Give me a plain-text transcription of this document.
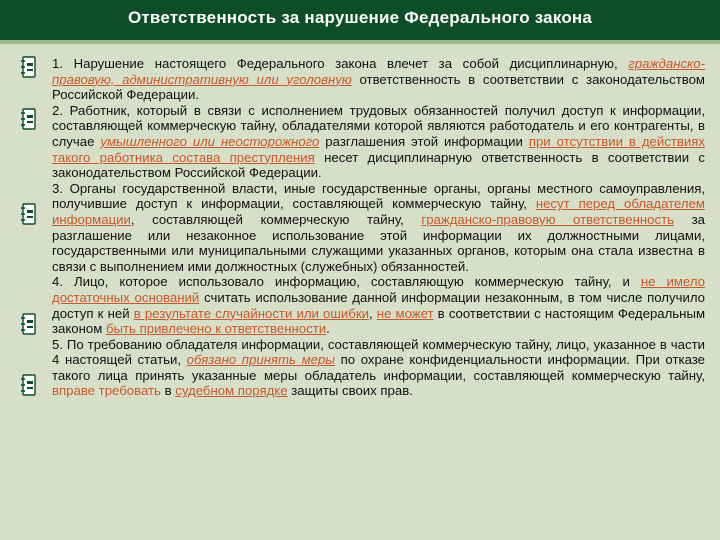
Ответственность за нарушение Федерального закона

1. Нарушение настоящего Федерального закона влечет за собой дисциплинарную, гражданско-правовую, административную или уголовную ответственность в соответствии с законодательством Российской Федерации.

2. Работник, который в связи с исполнением трудовых обязанностей получил доступ к информации, составляющей коммерческую тайну, обладателями которой являются работодатель и его контрагенты, в случае умышленного или неосторожного разглашения этой информации при отсутствии в действиях такого работника состава преступления несет дисциплинарную ответственность в соответствии с законодательством Российской Федерации.

3. Органы государственной власти, иные государственные органы, органы местного самоуправления, получившие доступ к информации, составляющей коммерческую тайну, несут перед обладателем информации, составляющей коммерческую тайну, гражданско-правовую ответственность за разглашение или незаконное использование этой информации их должностными лицами, государственными или муниципальными служащими указанных органов, которым она стала известна в связи с выполнением ими должностных (служебных) обязанностей.

4. Лицо, которое использовало информацию, составляющую коммерческую тайну, и не имело достаточных оснований считать использование данной информации незаконным, в том числе получило доступ к ней в результате случайности или ошибки, не может в соответствии с настоящим Федеральным законом быть привлечено к ответственности.

5. По требованию обладателя информации, составляющей коммерческую тайну, лицо, указанное в части 4 настоящей статьи, обязано принять меры по охране конфиденциальности информации. При отказе такого лица принять указанные меры обладатель информации, составляющей коммерческую тайну, вправе требовать в судебном порядке защиты своих прав.
